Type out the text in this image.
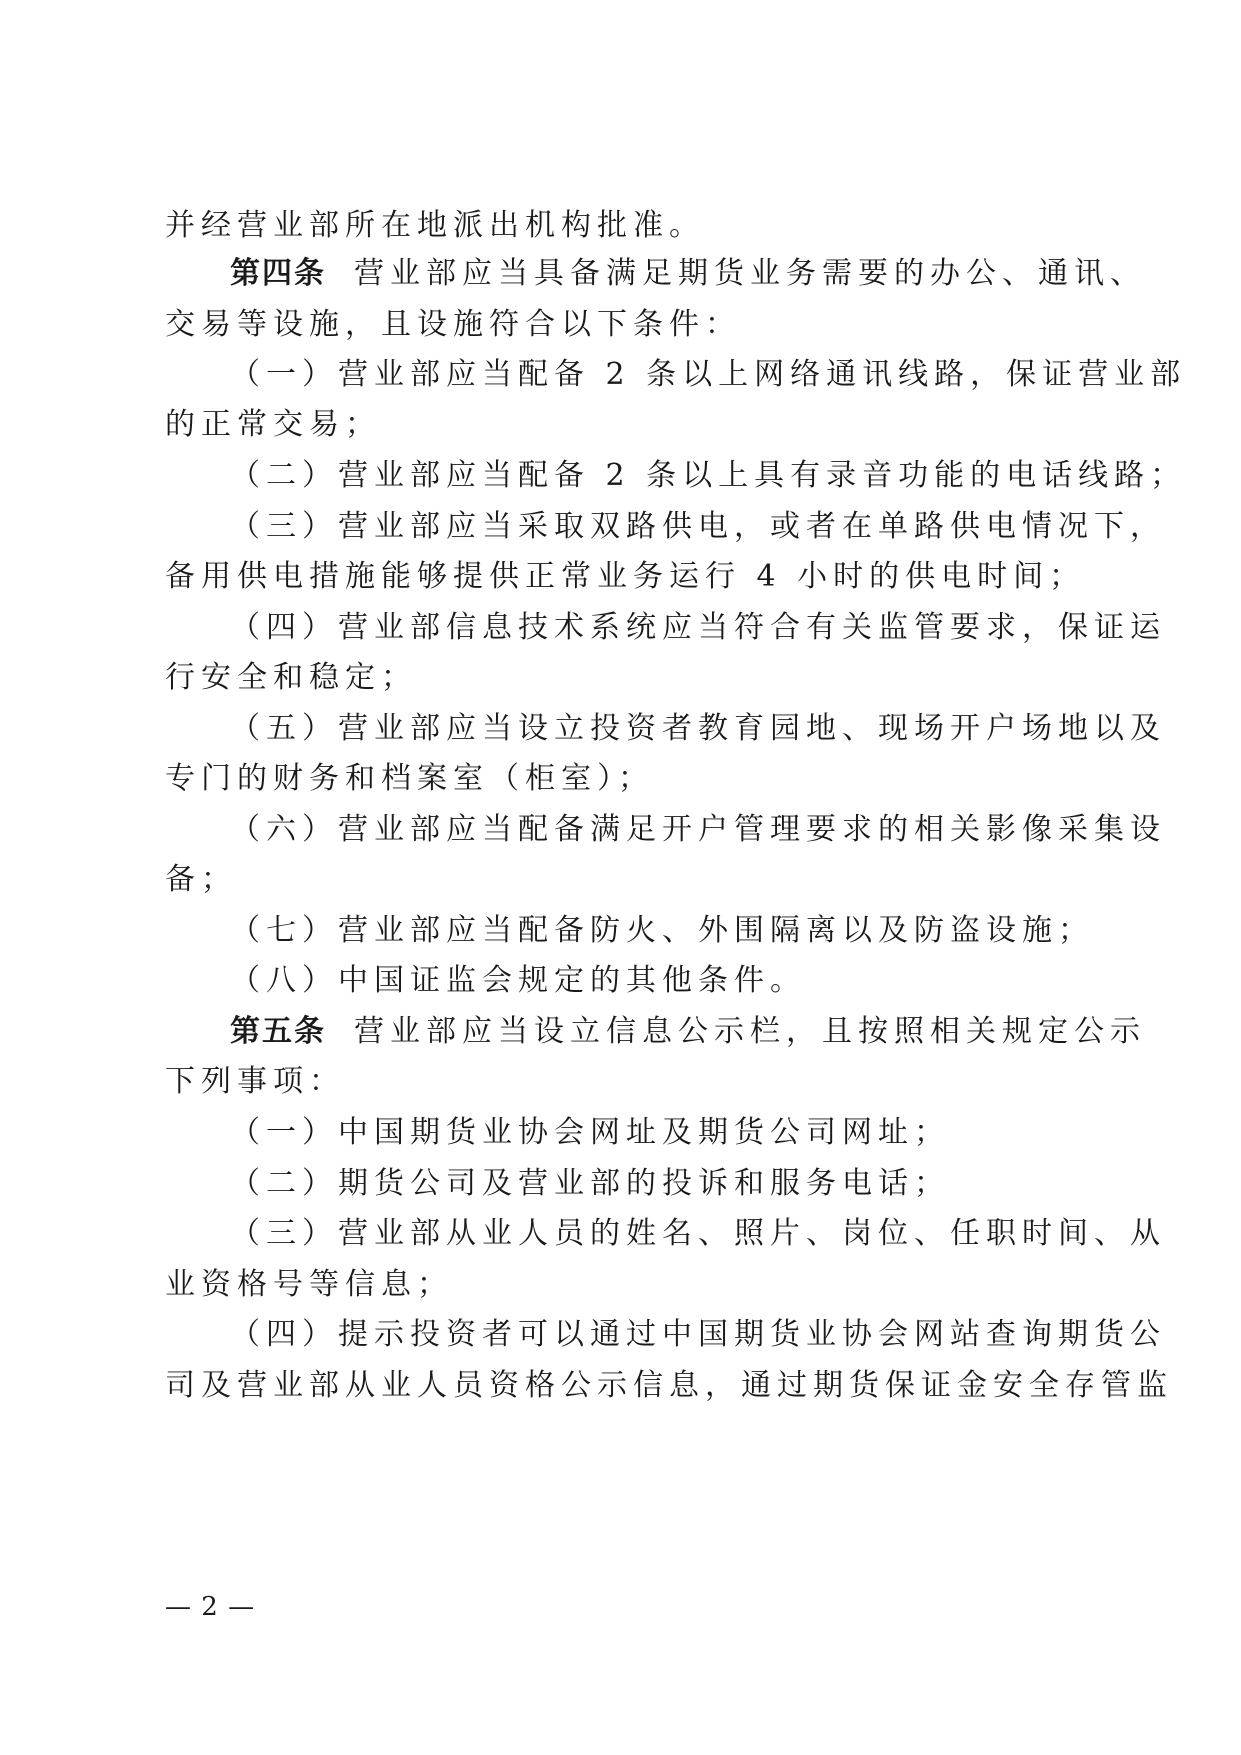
并经营业部所在地派出机构批准。
第四条 营业部应当具备满足期货业务需要的办公、通讯、
交易等设施，且设施符合以下条件：
（一）营业部应当配备 2 条以上网络通讯线路，保证营业部
的正常交易；
（二）营业部应当配备 2 条以上具有录音功能的电话线路；
（三）营业部应当采取双路供电，或者在单路供电情况下，
备用供电措施能够提供正常业务运行 4 小时的供电时间；
（四）营业部信息技术系统应当符合有关监管要求，保证运
行安全和稳定；
（五）营业部应当设立投资者教育园地、现场开户场地以及
专门的财务和档案室（柜室）；
（六）营业部应当配备满足开户管理要求的相关影像采集设
备；
（七）营业部应当配备防火、外围隔离以及防盗设施；
（八）中国证监会规定的其他条件。
第五条 营业部应当设立信息公示栏，且按照相关规定公示
下列事项：
（一）中国期货业协会网址及期货公司网址；
（二）期货公司及营业部的投诉和服务电话；
（三）营业部从业人员的姓名、照片、岗位、任职时间、从
业资格号等信息；
（四）提示投资者可以通过中国期货业协会网站查询期货公
司及营业部从业人员资格公示信息，通过期货保证金安全存管监
— 2 —
